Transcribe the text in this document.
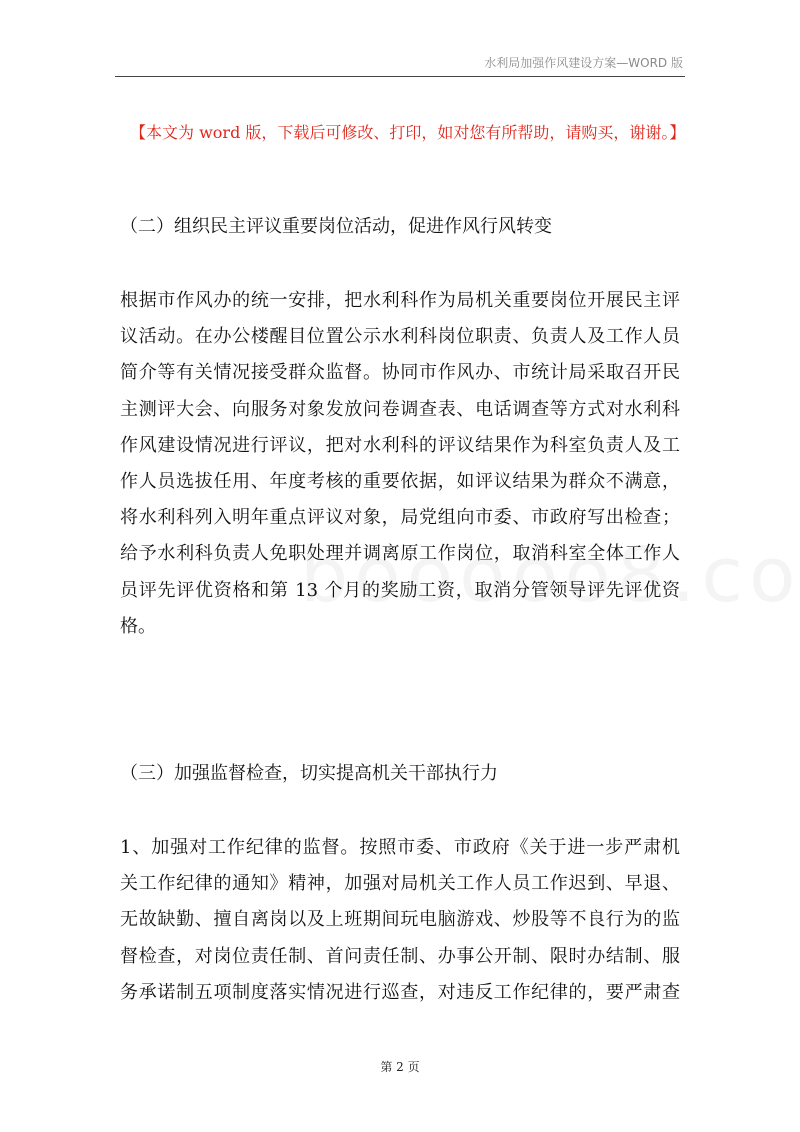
水利局加强作风建设方案—WORD 版
【本文为 word 版，下载后可修改、打印，如对您有所帮助，请购买，谢谢。】
（二）组织民主评议重要岗位活动，促进作风行风转变
根据市作风办的统一安排，把水利科作为局机关重要岗位开展民主评
议活动。在办公楼醒目位置公示水利科岗位职责、负责人及工作人员
简介等有关情况接受群众监督。协同市作风办、市统计局采取召开民
主测评大会、向服务对象发放问卷调查表、电话调查等方式对水利科
作风建设情况进行评议，把对水利科的评议结果作为科室负责人及工
作人员选拔任用、年度考核的重要依据，如评议结果为群众不满意，
将水利科列入明年重点评议对象，局党组向市委、市政府写出检查；
给予水利科负责人免职处理并调离原工作岗位，取消科室全体工作人
员评先评优资格和第 13 个月的奖励工资，取消分管领导评先评优资
格。
（三）加强监督检查，切实提高机关干部执行力
1、加强对工作纪律的监督。按照市委、市政府《关于进一步严肃机
关工作纪律的通知》精神，加强对局机关工作人员工作迟到、早退、
无故缺勤、擅自离岗以及上班期间玩电脑游戏、炒股等不良行为的监
督检查，对岗位责任制、首问责任制、办事公开制、限时办结制、服
务承诺制五项制度落实情况进行巡查，对违反工作纪律的，要严肃查
第 2 页
